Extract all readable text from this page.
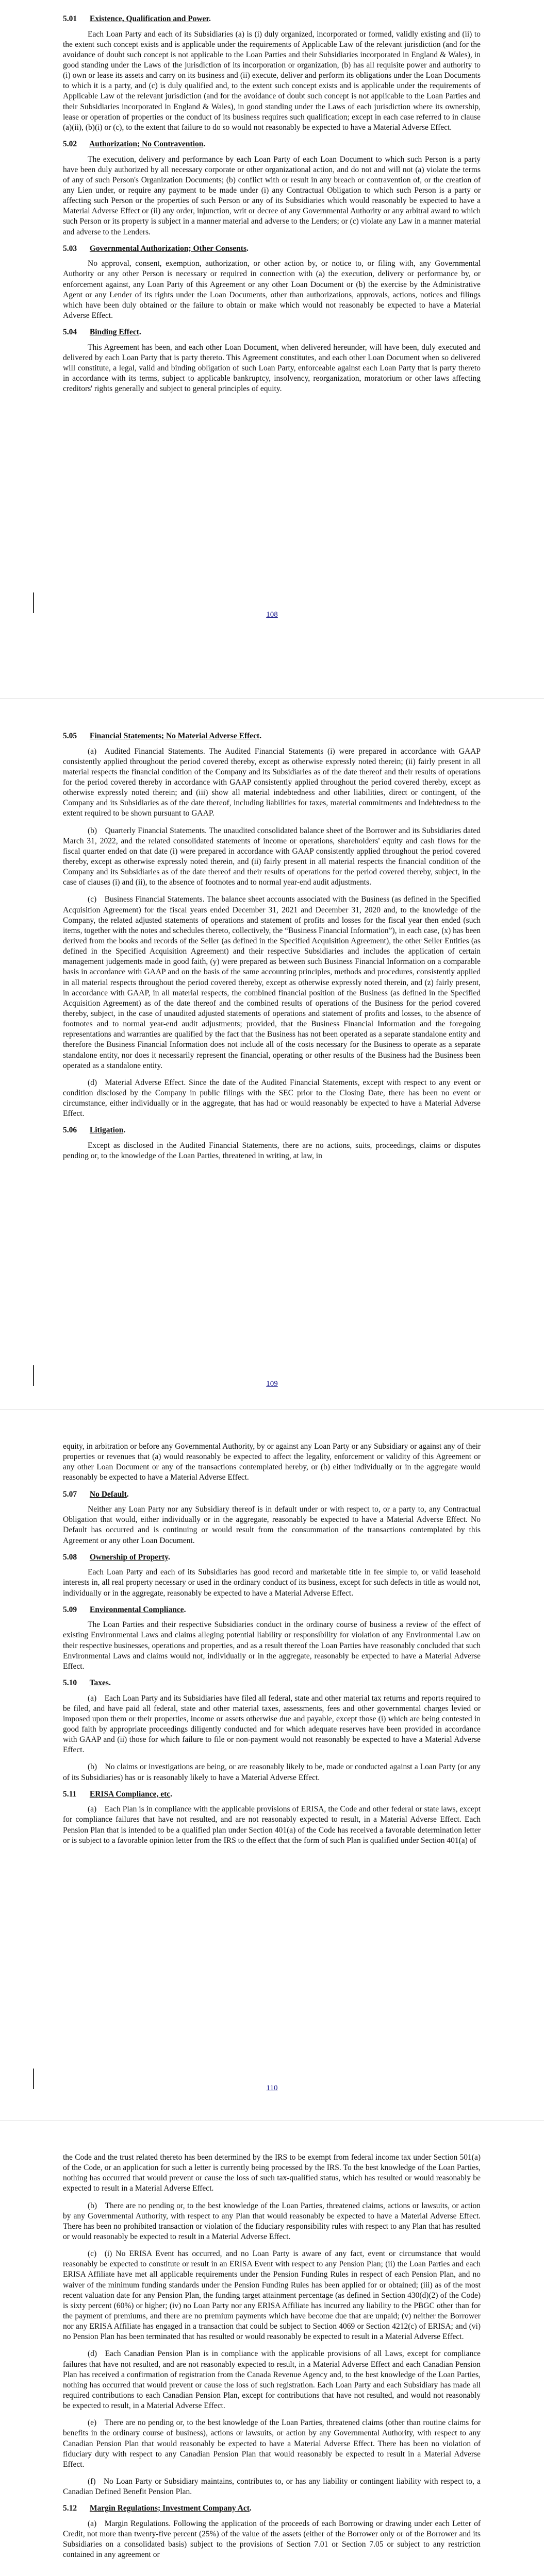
5.01 Existence, Qualification and Power.

Each Loan Party and each of its Subsidiaries (a) is (i) duly organized, incorporated or formed, validly existing and (ii) to the extent such concept exists and is applicable under the requirements of Applicable Law of the relevant jurisdiction (and for the avoidance of doubt such concept is not applicable to the Loan Parties and their Subsidiaries incorporated in England & Wales), in good standing under the Laws of the jurisdiction of its incorporation or organization, (b) has all requisite power and authority to (i) own or lease its assets and carry on its business and (ii) execute, deliver and perform its obligations under the Loan Documents to which it is a party, and (c) is duly qualified and, to the extent such concept exists and is applicable under the requirements of Applicable Law of the relevant jurisdiction (and for the avoidance of doubt such concept is not applicable to the Loan Parties and their Subsidiaries incorporated in England & Wales), in good standing under the Laws of each jurisdiction where its ownership, lease or operation of properties or the conduct of its business requires such qualification; except in each case referred to in clause (a)(ii), (b)(i) or (c), to the extent that failure to do so would not reasonably be expected to have a Material Adverse Effect.

5.02 Authorization; No Contravention.

The execution, delivery and performance by each Loan Party of each Loan Document to which such Person is a party have been duly authorized by all necessary corporate or other organizational action, and do not and will not (a) violate the terms of any of such Person's Organization Documents; (b) conflict with or result in any breach or contravention of, or the creation of any Lien under, or require any payment to be made under (i) any Contractual Obligation to which such Person is a party or affecting such Person or the properties of such Person or any of its Subsidiaries which would reasonably be expected to have a Material Adverse Effect or (ii) any order, injunction, writ or decree of any Governmental Authority or any arbitral award to which such Person or its property is subject in a manner material and adverse to the Lenders; or (c) violate any Law in a manner material and adverse to the Lenders.

5.03 Governmental Authorization; Other Consents.

No approval, consent, exemption, authorization, or other action by, or notice to, or filing with, any Governmental Authority or any other Person is necessary or required in connection with (a) the execution, delivery or performance by, or enforcement against, any Loan Party of this Agreement or any other Loan Document or (b) the exercise by the Administrative Agent or any Lender of its rights under the Loan Documents, other than authorizations, approvals, actions, notices and filings which have been duly obtained or the failure to obtain or make which would not reasonably be expected to have a Material Adverse Effect.

5.04 Binding Effect.

This Agreement has been, and each other Loan Document, when delivered hereunder, will have been, duly executed and delivered by each Loan Party that is party thereto. This Agreement constitutes, and each other Loan Document when so delivered will constitute, a legal, valid and binding obligation of such Loan Party, enforceable against each Loan Party that is party thereto in accordance with its terms, subject to applicable bankruptcy, insolvency, reorganization, moratorium or other laws affecting creditors' rights generally and subject to general principles of equity.

108
5.05 Financial Statements; No Material Adverse Effect.

(a) Audited Financial Statements. The Audited Financial Statements (i) were prepared in accordance with GAAP consistently applied throughout the period covered thereby, except as otherwise expressly noted therein; (ii) fairly present in all material respects the financial condition of the Company and its Subsidiaries as of the date thereof and their results of operations for the period covered thereby in accordance with GAAP consistently applied throughout the period covered thereby, except as otherwise expressly noted therein; and (iii) show all material indebtedness and other liabilities, direct or contingent, of the Company and its Subsidiaries as of the date thereof, including liabilities for taxes, material commitments and Indebtedness to the extent required to be shown pursuant to GAAP.

(b) Quarterly Financial Statements. The unaudited consolidated balance sheet of the Borrower and its Subsidiaries dated March 31, 2022, and the related consolidated statements of income or operations, shareholders' equity and cash flows for the fiscal quarter ended on that date (i) were prepared in accordance with GAAP consistently applied throughout the period covered thereby, except as otherwise expressly noted therein, and (ii) fairly present in all material respects the financial condition of the Company and its Subsidiaries as of the date thereof and their results of operations for the period covered thereby, subject, in the case of clauses (i) and (ii), to the absence of footnotes and to normal year-end audit adjustments.

(c) Business Financial Statements. The balance sheet accounts associated with the Business (as defined in the Specified Acquisition Agreement) for the fiscal years ended December 31, 2021 and December 31, 2020 and, to the knowledge of the Company, the related adjusted statements of operations and statement of profits and losses for the fiscal year then ended (such items, together with the notes and schedules thereto, collectively, the “Business Financial Information”), in each case, (x) has been derived from the books and records of the Seller (as defined in the Specified Acquisition Agreement), the other Seller Entities (as defined in the Specified Acquisition Agreement) and their respective Subsidiaries and includes the application of certain management judgements made in good faith, (y) were prepared as between such Business Financial Information on a comparable basis in accordance with GAAP and on the basis of the same accounting principles, methods and procedures, consistently applied in all material respects throughout the period covered thereby, except as otherwise expressly noted therein, and (z) fairly present, in accordance with GAAP, in all material respects, the combined financial position of the Business (as defined in the Specified Acquisition Agreement) as of the date thereof and the combined results of operations of the Business for the period covered thereby, subject, in the case of unaudited adjusted statements of operations and statement of profits and losses, to the absence of footnotes and to normal year-end audit adjustments; provided, that the Business Financial Information and the foregoing representations and warranties are qualified by the fact that the Business has not been operated as a separate standalone entity and therefore the Business Financial Information does not include all of the costs necessary for the Business to operate as a separate standalone entity, nor does it necessarily represent the financial, operating or other results of the Business had the Business been operated as a standalone entity.

(d) Material Adverse Effect. Since the date of the Audited Financial Statements, except with respect to any event or condition disclosed by the Company in public filings with the SEC prior to the Closing Date, there has been no event or circumstance, either individually or in the aggregate, that has had or would reasonably be expected to have a Material Adverse Effect.

5.06 Litigation.

Except as disclosed in the Audited Financial Statements, there are no actions, suits, proceedings, claims or disputes pending or, to the knowledge of the Loan Parties, threatened in writing, at law, in

109

equity, in arbitration or before any Governmental Authority, by or against any Loan Party or any Subsidiary or against any of their properties or revenues that (a) would reasonably be expected to affect the legality, enforcement or validity of this Agreement or any other Loan Document or any of the transactions contemplated hereby, or (b) either individually or in the aggregate would reasonably be expected to have a Material Adverse Effect.

5.07 No Default.

Neither any Loan Party nor any Subsidiary thereof is in default under or with respect to, or a party to, any Contractual Obligation that would, either individually or in the aggregate, reasonably be expected to have a Material Adverse Effect. No Default has occurred and is continuing or would result from the consummation of the transactions contemplated by this Agreement or any other Loan Document.

5.08 Ownership of Property.

Each Loan Party and each of its Subsidiaries has good record and marketable title in fee simple to, or valid leasehold interests in, all real property necessary or used in the ordinary conduct of its business, except for such defects in title as would not, individually or in the aggregate, reasonably be expected to have a Material Adverse Effect.

5.09 Environmental Compliance.

The Loan Parties and their respective Subsidiaries conduct in the ordinary course of business a review of the effect of existing Environmental Laws and claims alleging potential liability or responsibility for violation of any Environmental Law on their respective businesses, operations and properties, and as a result thereof the Loan Parties have reasonably concluded that such Environmental Laws and claims would not, individually or in the aggregate, reasonably be expected to have a Material Adverse Effect.

5.10 Taxes.

(a) Each Loan Party and its Subsidiaries have filed all federal, state and other material tax returns and reports required to be filed, and have paid all federal, state and other material taxes, assessments, fees and other governmental charges levied or imposed upon them or their properties, income or assets otherwise due and payable, except those (i) which are being contested in good faith by appropriate proceedings diligently conducted and for which adequate reserves have been provided in accordance with GAAP and (ii) those for which failure to file or non-payment would not reasonably be expected to have a Material Adverse Effect.

(b) No claims or investigations are being, or are reasonably likely to be, made or conducted against a Loan Party (or any of its Subsidiaries) has or is reasonably likely to have a Material Adverse Effect.

5.11 ERISA Compliance, etc.

(a) Each Plan is in compliance with the applicable provisions of ERISA, the Code and other federal or state laws, except for compliance failures that have not resulted, and are not reasonably expected to result, in a Material Adverse Effect. Each Pension Plan that is intended to be a qualified plan under Section 401(a) of the Code has received a favorable determination letter or is subject to a favorable opinion letter from the IRS to the effect that the form of such Plan is qualified under Section 401(a) of

110

the Code and the trust related thereto has been determined by the IRS to be exempt from federal income tax under Section 501(a) of the Code, or an application for such a letter is currently being processed by the IRS. To the best knowledge of the Loan Parties, nothing has occurred that would prevent or cause the loss of such tax-qualified status, which has resulted or would reasonably be expected to result in a Material Adverse Effect.

(b) There are no pending or, to the best knowledge of the Loan Parties, threatened claims, actions or lawsuits, or action by any Governmental Authority, with respect to any Plan that would reasonably be expected to have a Material Adverse Effect. There has been no prohibited transaction or violation of the fiduciary responsibility rules with respect to any Plan that has resulted or would reasonably be expected to result in a Material Adverse Effect.

(c) (i) No ERISA Event has occurred, and no Loan Party is aware of any fact, event or circumstance that would reasonably be expected to constitute or result in an ERISA Event with respect to any Pension Plan; (ii) the Loan Parties and each ERISA Affiliate have met all applicable requirements under the Pension Funding Rules in respect of each Pension Plan, and no waiver of the minimum funding standards under the Pension Funding Rules has been applied for or obtained; (iii) as of the most recent valuation date for any Pension Plan, the funding target attainment percentage (as defined in Section 430(d)(2) of the Code) is sixty percent (60%) or higher; (iv) no Loan Party nor any ERISA Affiliate has incurred any liability to the PBGC other than for the payment of premiums, and there are no premium payments which have become due that are unpaid; (v) neither the Borrower nor any ERISA Affiliate has engaged in a transaction that could be subject to Section 4069 or Section 4212(c) of ERISA; and (vi) no Pension Plan has been terminated that has resulted or would reasonably be expected to result in a Material Adverse Effect.

(d) Each Canadian Pension Plan is in compliance with the applicable provisions of all Laws, except for compliance failures that have not resulted, and are not reasonably expected to result, in a Material Adverse Effect and each Canadian Pension Plan has received a confirmation of registration from the Canada Revenue Agency and, to the best knowledge of the Loan Parties, nothing has occurred that would prevent or cause the loss of such registration. Each Loan Party and each Subsidiary has made all required contributions to each Canadian Pension Plan, except for contributions that have not resulted, and would not reasonably be expected to result, in a Material Adverse Effect.

(e) There are no pending or, to the best knowledge of the Loan Parties, threatened claims (other than routine claims for benefits in the ordinary course of business), actions or lawsuits, or action by any Governmental Authority, with respect to any Canadian Pension Plan that would reasonably be expected to have a Material Adverse Effect. There has been no violation of fiduciary duty with respect to any Canadian Pension Plan that would reasonably be expected to result in a Material Adverse Effect.

(f) No Loan Party or Subsidiary maintains, contributes to, or has any liability or contingent liability with respect to, a Canadian Defined Benefit Pension Plan.

5.12 Margin Regulations; Investment Company Act.

(a) Margin Regulations. Following the application of the proceeds of each Borrowing or drawing under each Letter of Credit, not more than twenty-five percent (25%) of the value of the assets (either of the Borrower only or of the Borrower and its Subsidiaries on a consolidated basis) subject to the provisions of Section 7.01 or Section 7.05 or subject to any restriction contained in any agreement or
